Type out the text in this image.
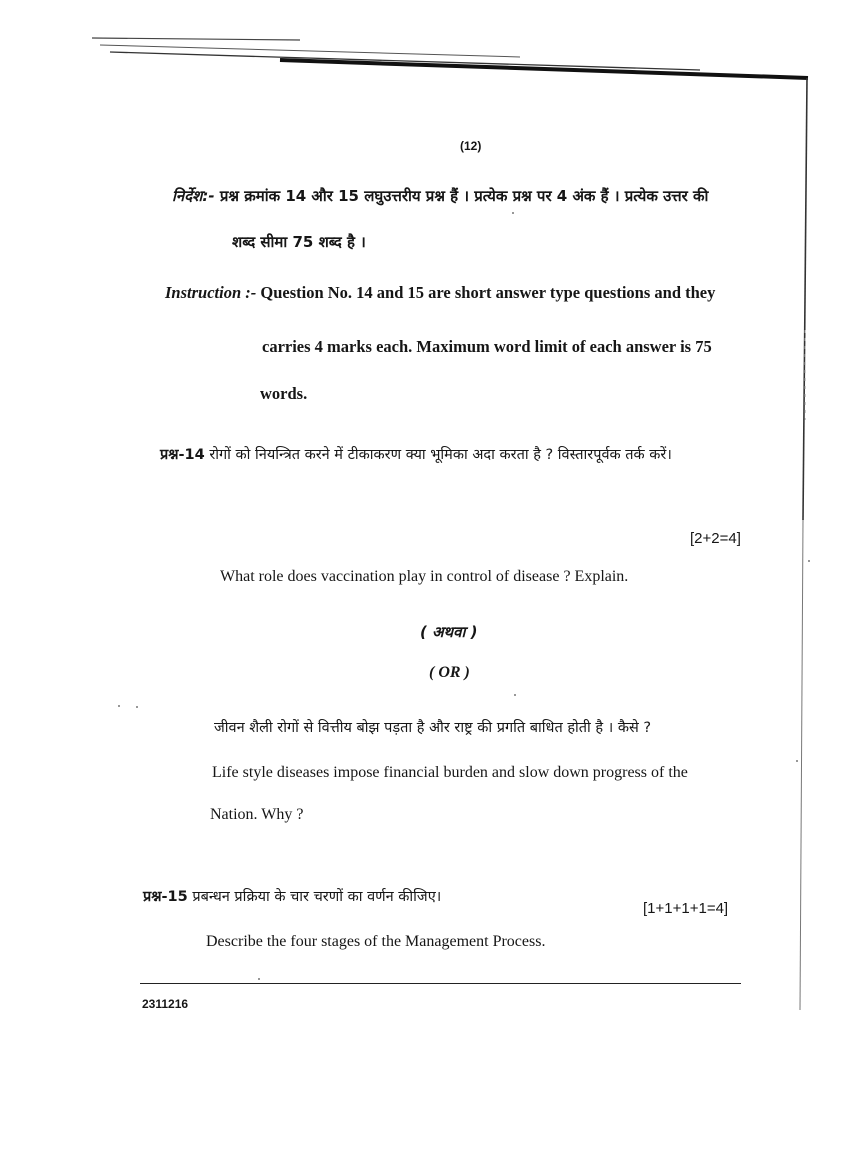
(12)
निर्देश:- प्रश्न क्रमांक 14 और 15 लघुउत्तरीय प्रश्न हैं । प्रत्येक प्रश्न पर 4 अंक हैं । प्रत्येक उत्तर की
शब्द सीमा 75 शब्द है ।
Instruction :- Question No. 14 and 15 are short answer type questions and they
carries 4 marks each. Maximum word limit of each answer is 75
words.
प्रश्न-14 रोगों को नियन्त्रित करने में टीकाकरण क्या भूमिका अदा करता है ? विस्तारपूर्वक तर्क करें।
[2+2=4]
What role does vaccination play in control of disease ? Explain.
( अथवा )
( OR )
जीवन शैली रोगों से वित्तीय बोझ पड़ता है और राष्ट्र की प्रगति बाधित होती है । कैसे ?
Life style diseases impose financial burden and slow down progress of the
Nation. Why ?
प्रश्न-15 प्रबन्धन प्रक्रिया के चार चरणों का वर्णन कीजिए।
[1+1+1+1=4]
Describe the four stages of the Management Process.
2311216
